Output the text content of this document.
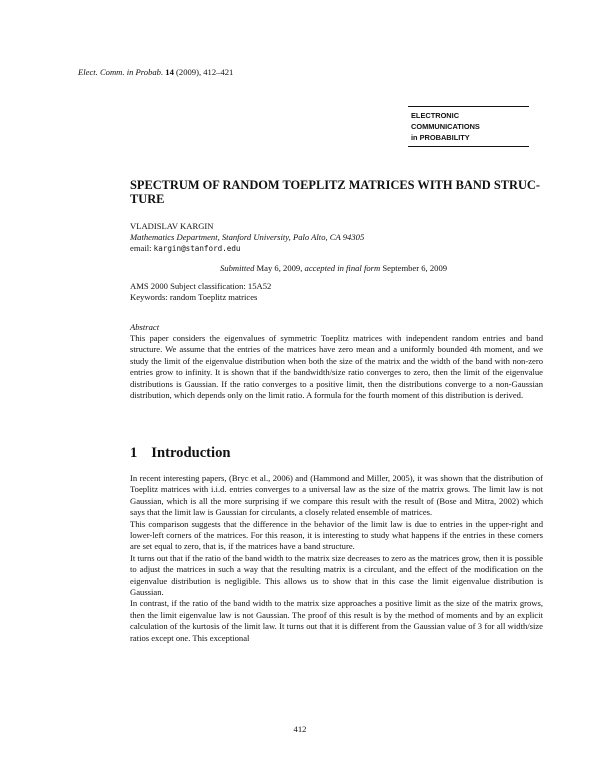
Elect. Comm. in Probab. 14 (2009), 412–421
ELECTRONIC
COMMUNICATIONS
in PROBABILITY
SPECTRUM OF RANDOM TOEPLITZ MATRICES WITH BAND STRUC- TURE
VLADISLAV KARGIN
Mathematics Department, Stanford University, Palo Alto, CA 94305
email: kargin@stanford.edu
Submitted May 6, 2009, accepted in final form September 6, 2009
AMS 2000 Subject classification: 15A52
Keywords: random Toeplitz matrices
Abstract
This paper considers the eigenvalues of symmetric Toeplitz matrices with independent random entries and band structure. We assume that the entries of the matrices have zero mean and a uniformly bounded 4th moment, and we study the limit of the eigenvalue distribution when both the size of the matrix and the width of the band with non-zero entries grow to infinity. It is shown that if the bandwidth/size ratio converges to zero, then the limit of the eigenvalue distributions is Gaussian. If the ratio converges to a positive limit, then the distributions converge to a non-Gaussian distribution, which depends only on the limit ratio. A formula for the fourth moment of this distribution is derived.
1 Introduction

In recent interesting papers, (Bryc et al., 2006) and (Hammond and Miller, 2005), it was shown that the distribution of Toeplitz matrices with i.i.d. entries converges to a universal law as the size of the matrix grows. The limit law is not Gaussian, which is all the more surprising if we compare this result with the result of (Bose and Mitra, 2002) which says that the limit law is Gaussian for circulants, a closely related ensemble of matrices.

This comparison suggests that the difference in the behavior of the limit law is due to entries in the upper-right and lower-left corners of the matrices. For this reason, it is interesting to study what happens if the entries in these corners are set equal to zero, that is, if the matrices have a band structure.

It turns out that if the ratio of the band width to the matrix size decreases to zero as the matrices grow, then it is possible to adjust the matrices in such a way that the resulting matrix is a circulant, and the effect of the modification on the eigenvalue distribution is negligible. This allows us to show that in this case the limit eigenvalue distribution is Gaussian.

In contrast, if the ratio of the band width to the matrix size approaches a positive limit as the size of the matrix grows, then the limit eigenvalue law is not Gaussian. The proof of this result is by the method of moments and by an explicit calculation of the kurtosis of the limit law. It turns out that it is different from the Gaussian value of 3 for all width/size ratios except one. This exceptional

412
